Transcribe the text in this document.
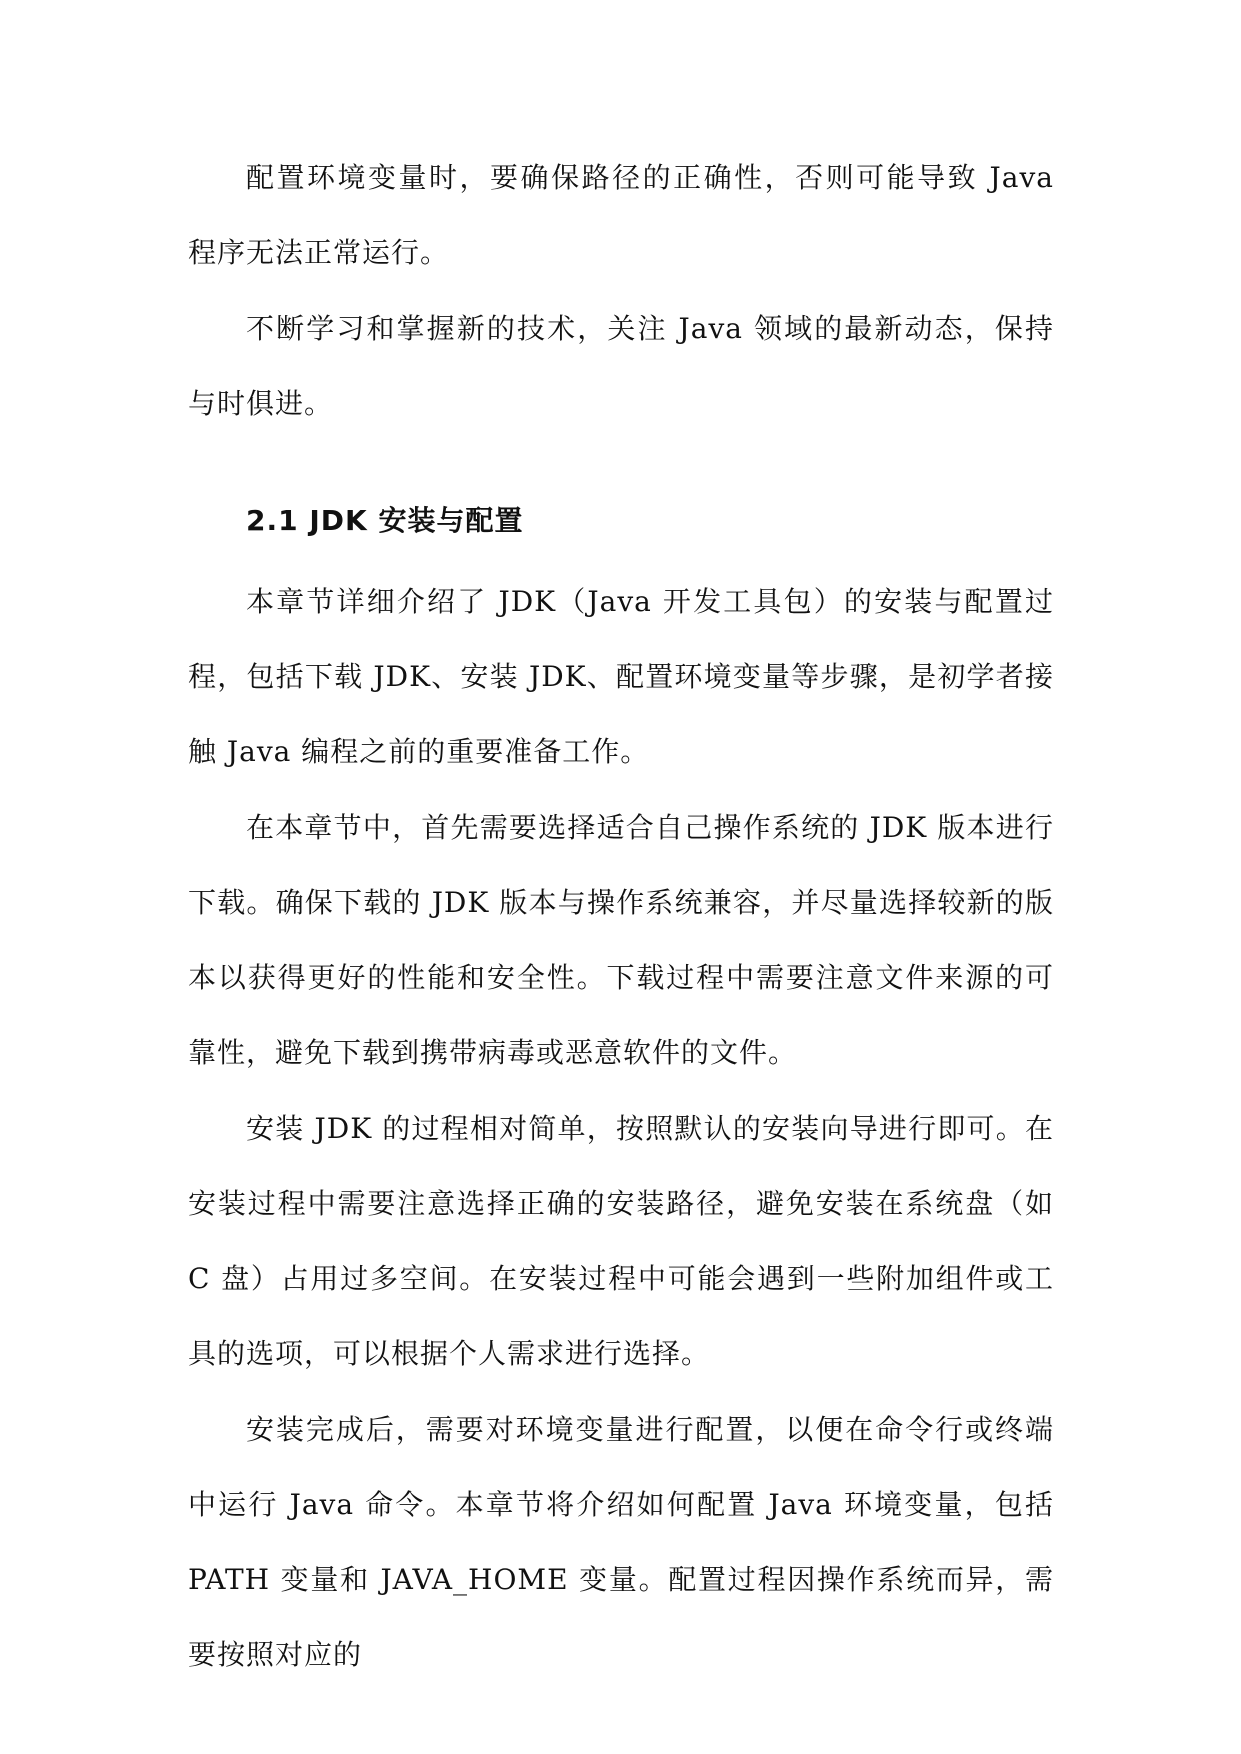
配置环境变量时，要确保路径的正确性，否则可能导致 Java 程序无法正常运行。

不断学习和掌握新的技术，关注 Java 领域的最新动态，保持与时俱进。

2.1 JDK 安装与配置

本章节详细介绍了 JDK（Java 开发工具包）的安装与配置过程，包括下载 JDK、安装 JDK、配置环境变量等步骤，是初学者接触 Java 编程之前的重要准备工作。

在本章节中，首先需要选择适合自己操作系统的 JDK 版本进行下载。确保下载的 JDK 版本与操作系统兼容，并尽量选择较新的版本以获得更好的性能和安全性。下载过程中需要注意文件来源的可靠性，避免下载到携带病毒或恶意软件的文件。

安装 JDK 的过程相对简单，按照默认的安装向导进行即可。在安装过程中需要注意选择正确的安装路径，避免安装在系统盘（如 C 盘）占用过多空间。在安装过程中可能会遇到一些附加组件或工具的选项，可以根据个人需求进行选择。

安装完成后，需要对环境变量进行配置，以便在命令行或终端中运行 Java 命令。本章节将介绍如何配置 Java 环境变量，包括 PATH 变量和 JAVA_HOME 变量。配置过程因操作系统而异，需要按照对应的
